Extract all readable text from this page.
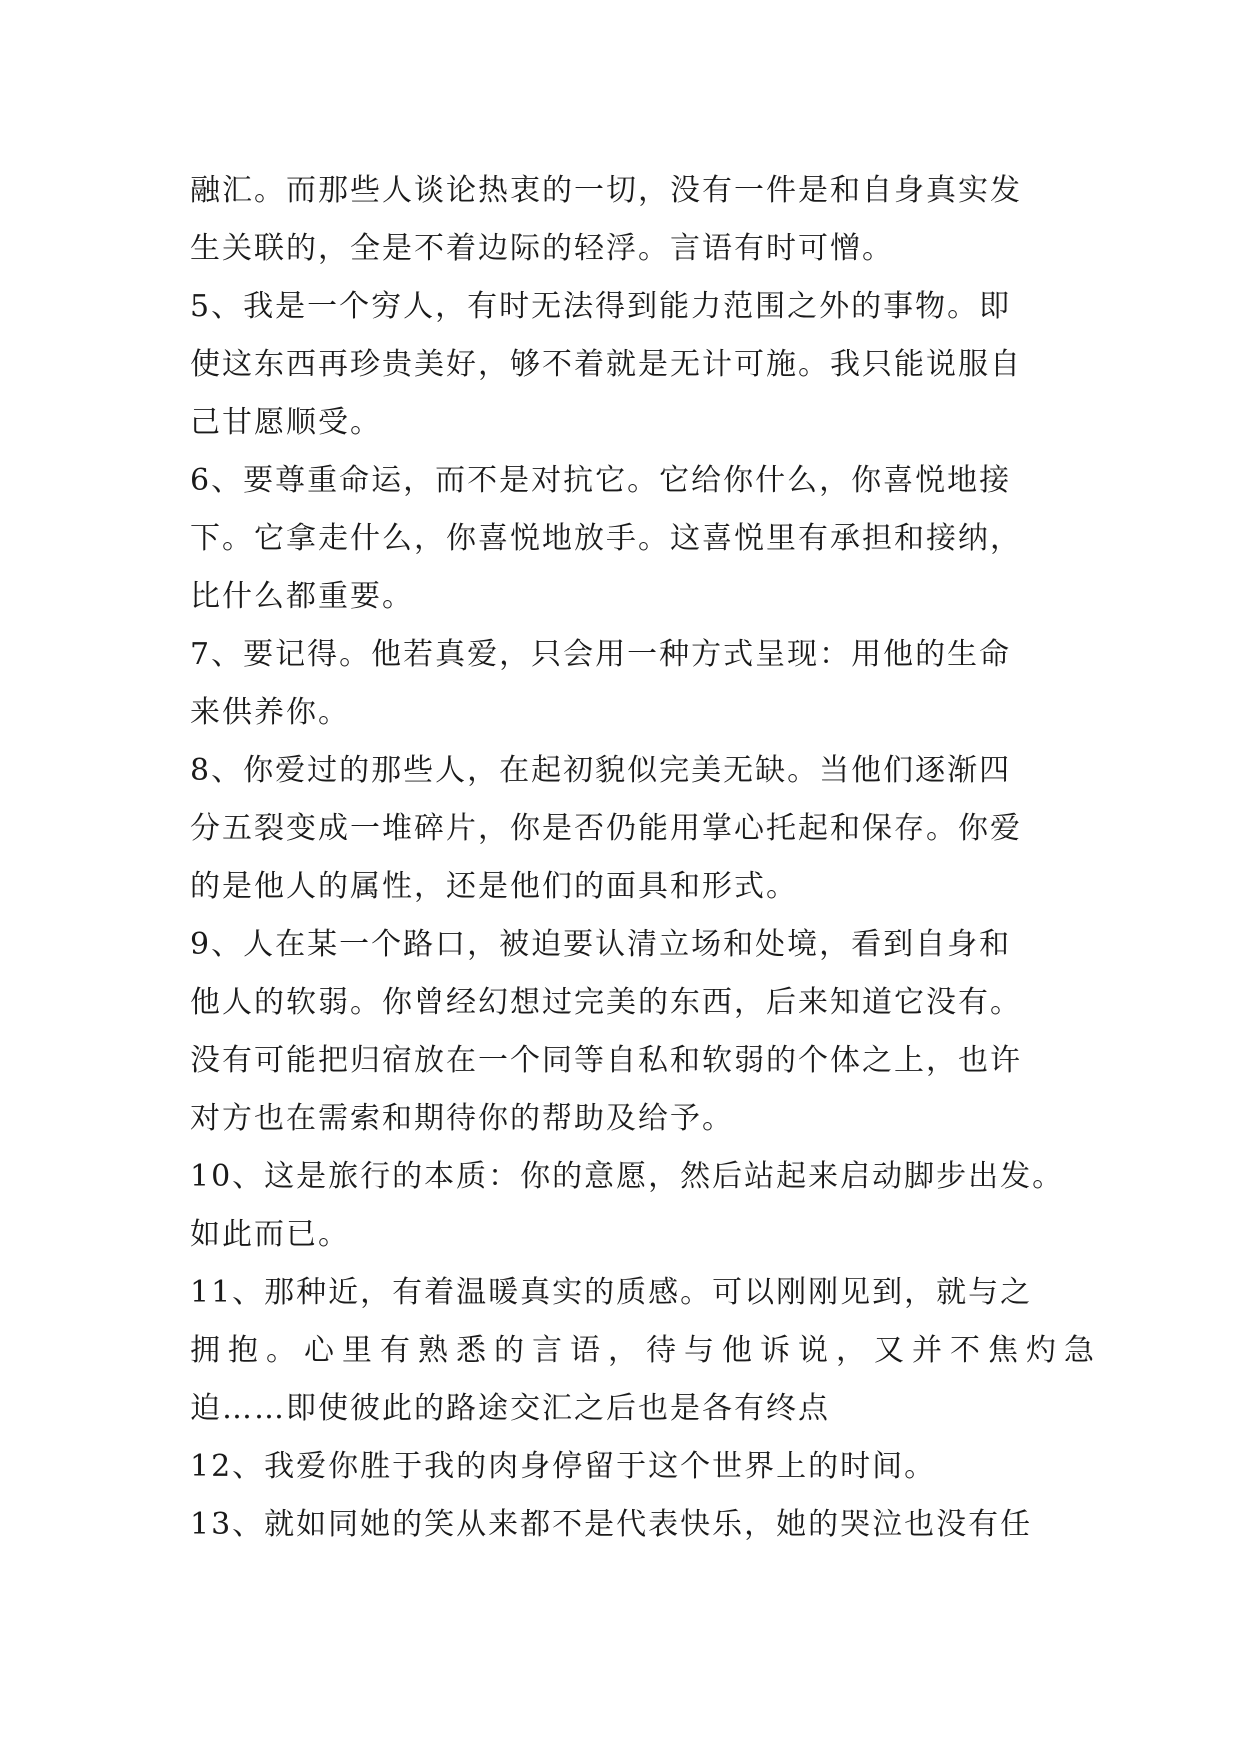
融汇。而那些人谈论热衷的一切，没有一件是和自身真实发
生关联的，全是不着边际的轻浮。言语有时可憎。
5、我是一个穷人，有时无法得到能力范围之外的事物。即
使这东西再珍贵美好，够不着就是无计可施。我只能说服自
己甘愿顺受。
6、要尊重命运，而不是对抗它。它给你什么，你喜悦地接
下。它拿走什么，你喜悦地放手。这喜悦里有承担和接纳，
比什么都重要。
7、要记得。他若真爱，只会用一种方式呈现：用他的生命
来供养你。
8、你爱过的那些人，在起初貌似完美无缺。当他们逐渐四
分五裂变成一堆碎片，你是否仍能用掌心托起和保存。你爱
的是他人的属性，还是他们的面具和形式。
9、人在某一个路口，被迫要认清立场和处境，看到自身和
他人的软弱。你曾经幻想过完美的东西，后来知道它没有。
没有可能把归宿放在一个同等自私和软弱的个体之上，也许
对方也在需索和期待你的帮助及给予。
10、这是旅行的本质：你的意愿，然后站起来启动脚步出发。
如此而已。
11、那种近，有着温暖真实的质感。可以刚刚见到，就与之
拥抱。心里有熟悉的言语，待与他诉说，又并不焦灼急
迫……即使彼此的路途交汇之后也是各有终点
12、我爱你胜于我的肉身停留于这个世界上的时间。
13、就如同她的笑从来都不是代表快乐，她的哭泣也没有任
